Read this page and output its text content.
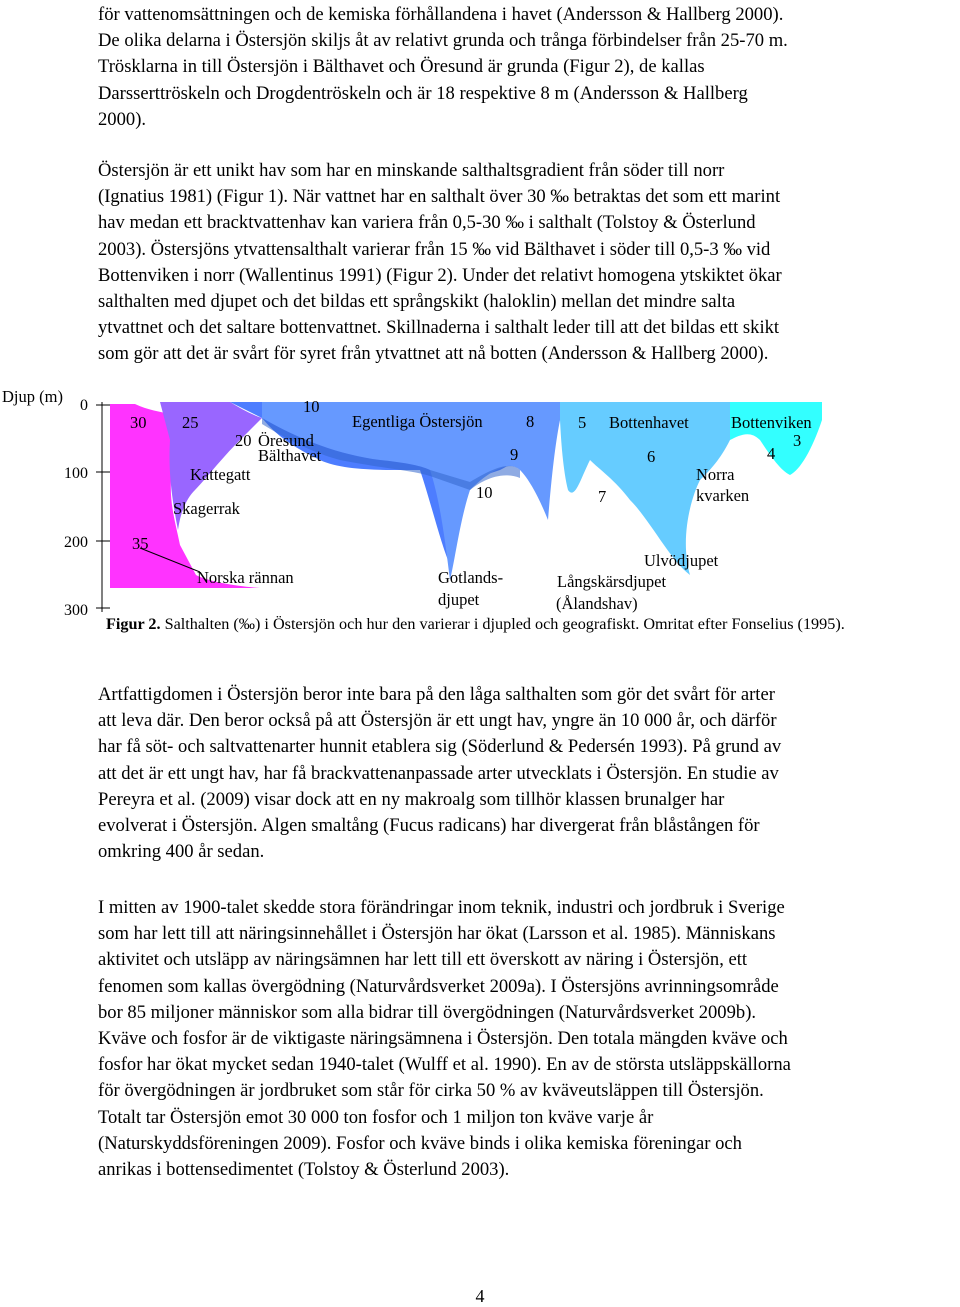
för vattenomsättningen och de kemiska förhållandena i havet (Andersson & Hallberg 2000).
De olika delarna i Östersjön skiljs åt av relativt grunda och trånga förbindelser från 25-70 m.
Trösklarna in till Östersjön i Bälthavet och Öresund är grunda (Figur 2), de kallas
Darsserttröskeln och Drogdentröskeln och är 18 respektive 8 m (Andersson & Hallberg
2000).
Östersjön är ett unikt hav som har en minskande salthaltsgradient från söder till norr
(Ignatius 1981) (Figur 1). När vattnet har en salthalt över 30 ‰ betraktas det som ett marint
hav medan ett bracktvattenhav kan variera från 0,5-30 ‰ i salthalt (Tolstoy & Österlund
2003). Östersjöns ytvattensalthalt varierar från 15 ‰ vid Bälthavet i söder till 0,5-3 ‰ vid
Bottenviken i norr (Wallentinus 1991) (Figur 2). Under det relativt homogena ytskiktet ökar
salthalten med djupet och det bildas ett språngskikt (haloklin) mellan det mindre salta
ytvattnet och det saltare bottenvattnet. Skillnaderna i salthalt leder till att det bildas ett skikt
som gör att det är svårt för syret från ytvattnet att nå botten (Andersson & Hallberg 2000).
Djup (m) 0
100
200
300
30 25
10
20 Öresund
Bälthavet
Egentliga Östersjön	8	5 Bottenhavet	Bottenviken
3
9	6	4
Kattegatt	Norra
kvarken
10	7
Skagerrak
35
Ulvödjupet
Norska rännan	Gotlands-
djupet
Långskärsdjupet
(Ålandshav)
Figur 2. Salthalten (‰) i Östersjön och hur den varierar i djupled och geografiskt. Omritat efter Fonselius (1995).
Artfattigdomen i Östersjön beror inte bara på den låga salthalten som gör det svårt för arter
att leva där. Den beror också på att Östersjön är ett ungt hav, yngre än 10 000 år, och därför
har få söt- och saltvattenarter hunnit etablera sig (Söderlund & Pedersén 1993). På grund av
att det är ett ungt hav, har få brackvattenanpassade arter utvecklats i Östersjön. En studie av
Pereyra et al. (2009) visar dock att en ny makroalg som tillhör klassen brunalger har
evolverat i Östersjön. Algen smaltång (Fucus radicans) har divergerat från blåstången för
omkring 400 år sedan.
I mitten av 1900-talet skedde stora förändringar inom teknik, industri och jordbruk i Sverige
som har lett till att näringsinnehållet i Östersjön har ökat (Larsson et al. 1985). Människans
aktivitet och utsläpp av näringsämnen har lett till ett överskott av näring i Östersjön, ett
fenomen som kallas övergödning (Naturvårdsverket 2009a). I Östersjöns avrinningsområde
bor 85 miljoner människor som alla bidrar till övergödningen (Naturvårdsverket 2009b).
Kväve och fosfor är de viktigaste näringsämnena i Östersjön. Den totala mängden kväve och
fosfor har ökat mycket sedan 1940-talet (Wulff et al. 1990). En av de största utsläppskällorna
för övergödningen är jordbruket som står för cirka 50 % av kväveutsläppen till Östersjön.
Totalt tar Östersjön emot 30 000 ton fosfor och 1 miljon ton kväve varje år
(Naturskyddsföreningen 2009). Fosfor och kväve binds i olika kemiska föreningar och
anrikas i bottensedimentet (Tolstoy & Österlund 2003).
4
